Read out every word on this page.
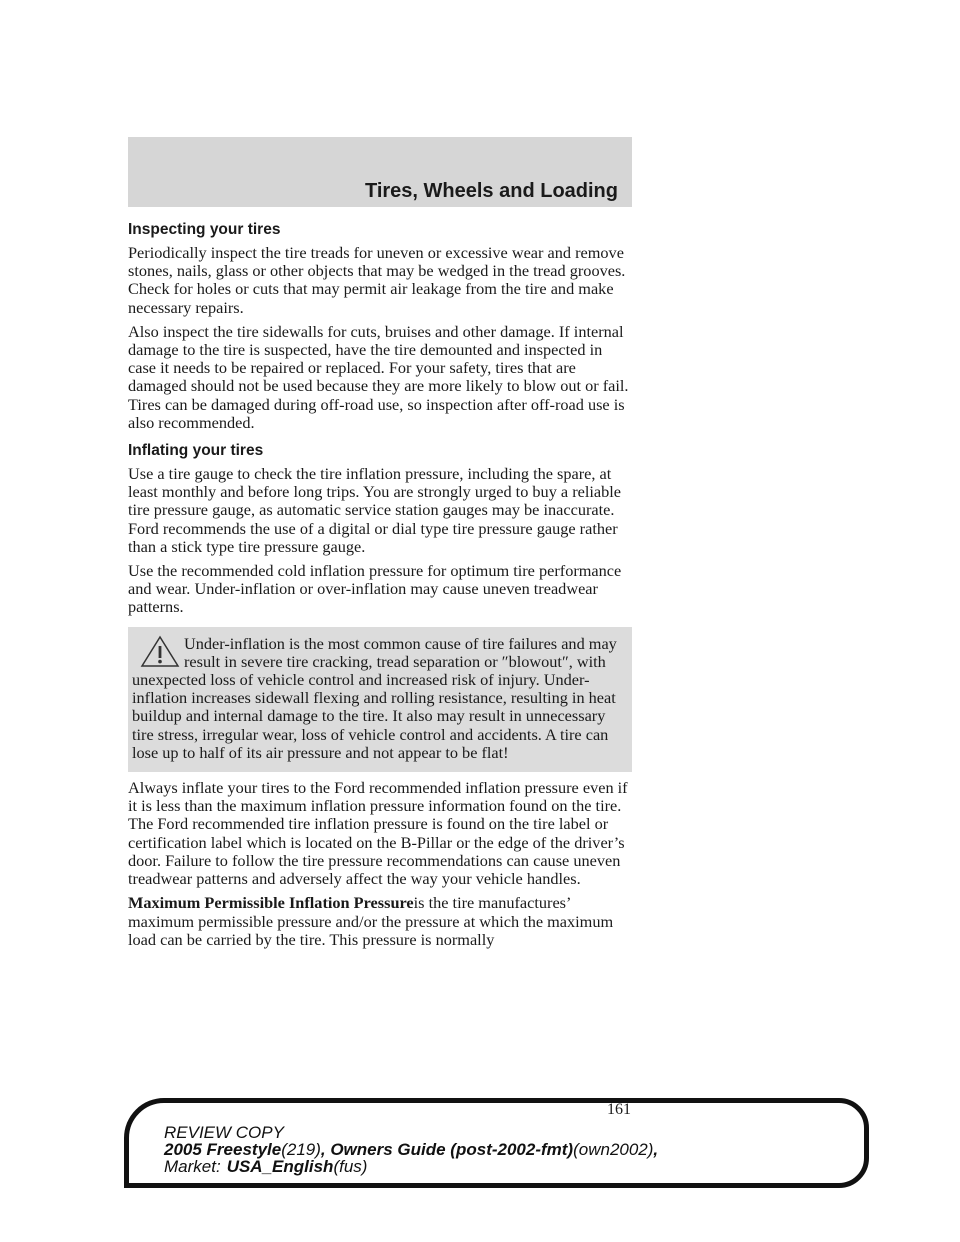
Tires, Wheels and Loading
Inspecting your tires

Periodically inspect the tire treads for uneven or excessive wear and remove stones, nails, glass or other objects that may be wedged in the tread grooves. Check for holes or cuts that may permit air leakage from the tire and make necessary repairs.

Also inspect the tire sidewalls for cuts, bruises and other damage. If internal damage to the tire is suspected, have the tire demounted and inspected in case it needs to be repaired or replaced. For your safety, tires that are damaged should not be used because they are more likely to blow out or fail. Tires can be damaged during off-road use, so inspection after off-road use is also recommended.

Inflating your tires

Use a tire gauge to check the tire inflation pressure, including the spare, at least monthly and before long trips. You are strongly urged to buy a reliable tire pressure gauge, as automatic service station gauges may be inaccurate. Ford recommends the use of a digital or dial type tire pressure gauge rather than a stick type tire pressure gauge.

Use the recommended cold inflation pressure for optimum tire performance and wear. Under-inflation or over-inflation may cause uneven treadwear patterns.

Under-inflation is the most common cause of tire failures and may result in severe tire cracking, tread separation or ″blowout″, with unexpected loss of vehicle control and increased risk of injury. Under-inflation increases sidewall flexing and rolling resistance, resulting in heat buildup and internal damage to the tire. It also may result in unnecessary tire stress, irregular wear, loss of vehicle control and accidents. A tire can lose up to half of its air pressure and not appear to be flat!

Always inflate your tires to the Ford recommended inflation pressure even if it is less than the maximum inflation pressure information found on the tire. The Ford recommended tire inflation pressure is found on the tire label or certification label which is located on the B-Pillar or the edge of the driver’s door. Failure to follow the tire pressure recommendations can cause uneven treadwear patterns and adversely affect the way your vehicle handles.

Maximum Permissible Inflation Pressureis the tire manufactures’ maximum permissible pressure and/or the pressure at which the maximum load can be carried by the tire. This pressure is normally

161
REVIEW COPY
2005 Freestyle(219), Owners Guide (post-2002-fmt)(own2002),
Market: USA_English(fus)
